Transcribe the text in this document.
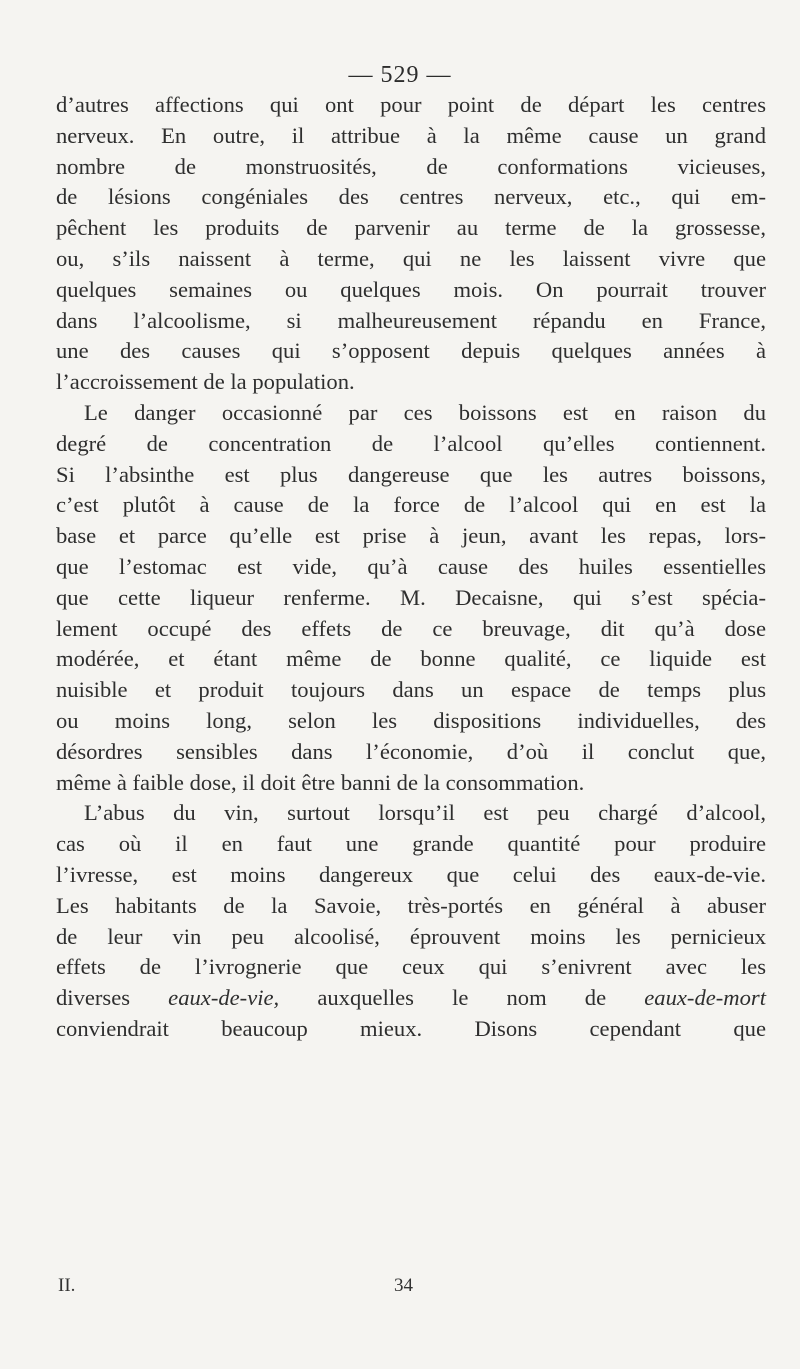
— 529 —
d’autres affections qui ont pour point de départ les centres
nerveux. En outre, il attribue à la même cause un grand
nombre de monstruosités, de conformations vicieuses,
de lésions congéniales des centres nerveux, etc., qui em-
pêchent les produits de parvenir au terme de la grossesse,
ou, s’ils naissent à terme, qui ne les laissent vivre que
quelques semaines ou quelques mois. On pourrait trouver
dans l’alcoolisme, si malheureusement répandu en France,
une des causes qui s’opposent depuis quelques années à
l’accroissement de la population.
Le danger occasionné par ces boissons est en raison du
degré de concentration de l’alcool qu’elles contiennent.
Si l’absinthe est plus dangereuse que les autres boissons,
c’est plutôt à cause de la force de l’alcool qui en est la
base et parce qu’elle est prise à jeun, avant les repas, lors-
que l’estomac est vide, qu’à cause des huiles essentielles
que cette liqueur renferme. M. Decaisne, qui s’est spécia-
lement occupé des effets de ce breuvage, dit qu’à dose
modérée, et étant même de bonne qualité, ce liquide est
nuisible et produit toujours dans un espace de temps plus
ou moins long, selon les dispositions individuelles, des
désordres sensibles dans l’économie, d’où il conclut que,
même à faible dose, il doit être banni de la consommation.
L’abus du vin, surtout lorsqu’il est peu chargé d’alcool,
cas où il en faut une grande quantité pour produire
l’ivresse, est moins dangereux que celui des eaux-de-vie.
Les habitants de la Savoie, très-portés en général à abuser
de leur vin peu alcoolisé, éprouvent moins les pernicieux
effets de l’ivrognerie que ceux qui s’enivrent avec les
diverses eaux-de-vie, auxquelles le nom de eaux-de-mort
conviendrait beaucoup mieux. Disons cependant que
II.	34
